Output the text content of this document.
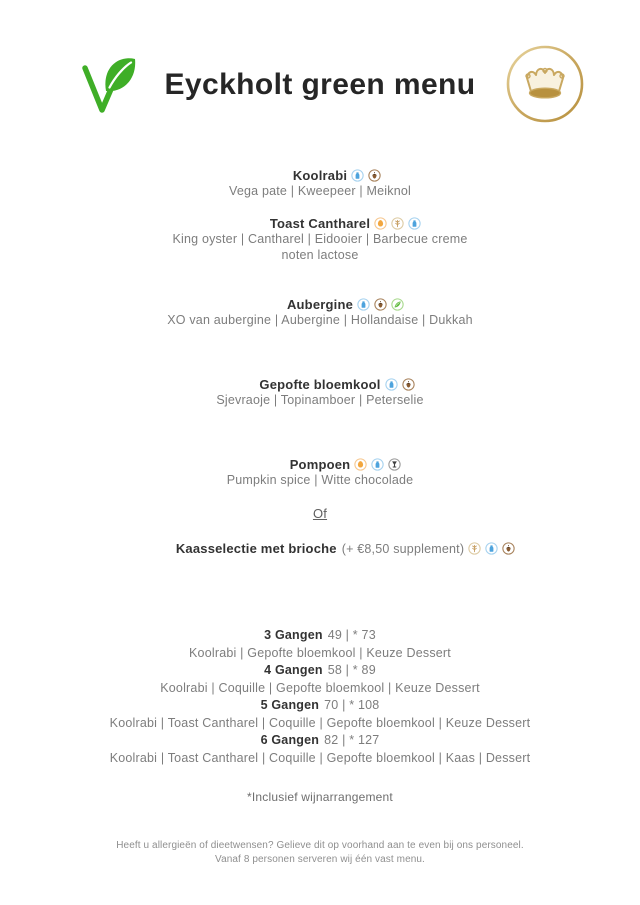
Eyckholt green menu
Koolrabi
Vega pate | Kweepeer | Meiknol
Toast Cantharel
King oyster | Cantharel | Eidooier | Barbecue creme
noten lactose
Aubergine
XO van aubergine | Aubergine | Hollandaise | Dukkah
Gepofte bloemkool
Sjevraoje | Topinamboer | Peterselie
Pompoen
Pumpkin spice | Witte chocolade
Of
Kaasselectie met brioche (+ €8,50 supplement)
3 Gangen 49 | * 73
Koolrabi | Gepofte bloemkool | Keuze Dessert
4 Gangen 58 | * 89
Koolrabi | Coquille | Gepofte bloemkool | Keuze Dessert
5 Gangen 70 | * 108
Koolrabi | Toast Cantharel | Coquille | Gepofte bloemkool | Keuze Dessert
6 Gangen 82 | * 127
Koolrabi | Toast Cantharel | Coquille | Gepofte bloemkool | Kaas | Dessert
*Inclusief wijnarrangement
Heeft u allergieën of dieetwensen? Gelieve dit op voorhand aan te even bij ons personeel.
Vanaf 8 personen serveren wij één vast menu.
